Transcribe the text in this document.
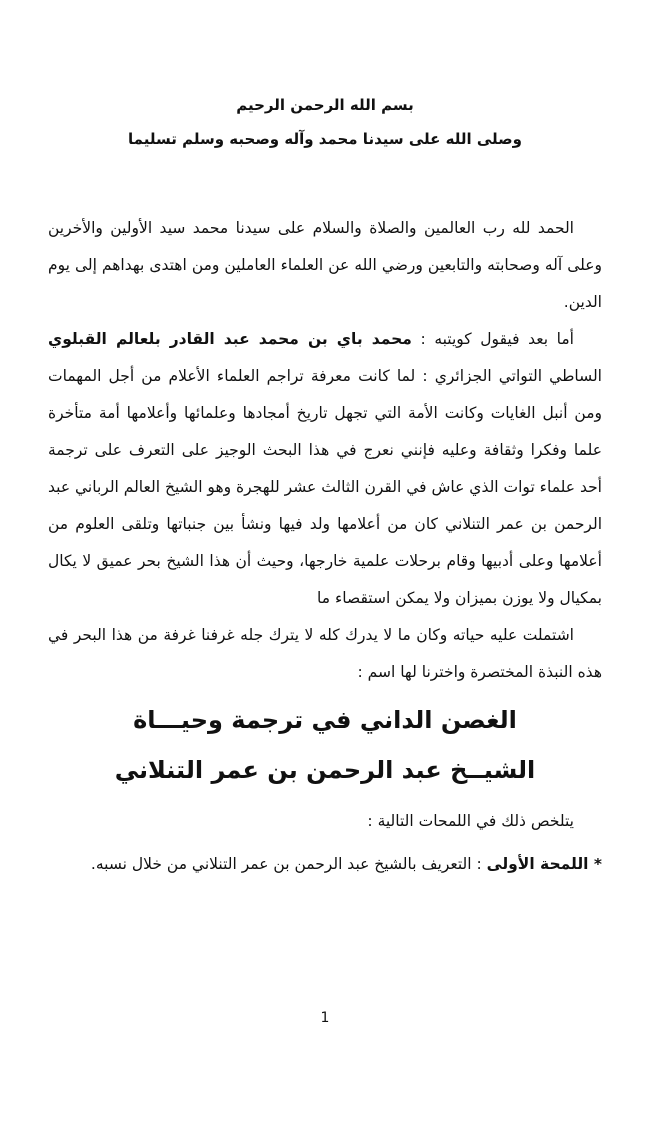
بسم الله الرحمن الرحيم

وصلى الله على سيدنا محمد وآله وصحبه وسلم تسليما

الحمد لله رب العالمين والصلاة والسلام على سيدنا محمد سيد الأولين والأخرين وعلى آله وصحابته والتابعين ورضي الله عن العلماء العاملين ومن اهتدى بهداهم إلى يوم الدين.

أما بعد فيقول كويتبه : محمد باي بن محمد عبد القادر بلعالم القبلوي الساطي التواتي الجزائري : لما كانت معرفة تراجم العلماء الأعلام من أجل المهمات ومن أنبل الغايات وكانت الأمة التي تجهل تاريخ أمجادها وعلمائها وأعلامها أمة متأخرة علما وفكرا وثقافة وعليه فإنني نعرج في هذا البحث الوجيز على التعرف على ترجمة أحد علماء توات الذي عاش في القرن الثالث عشر للهجرة وهو الشيخ العالم الرباني عبد الرحمن بن عمر التنلاني كان من أعلامها ولد فيها ونشأ بين جنباتها وتلقى العلوم من أعلامها وعلى أدبيها وقام برحلات علمية خارجها، وحيث أن هذا الشيخ بحر عميق لا يكال بمكيال ولا يوزن بميزان ولا يمكن استقصاء ما

اشتملت عليه حياته وكان ما لا يدرك كله لا يترك جله غرفنا غرفة من هذا البحر في هذه النبذة المختصرة واخترنا لها اسم :

الغصن الداني في ترجمة وحيـــاة

الشيــخ عبد الرحمن بن عمر التنلاني

يتلخص ذلك في اللمحات التالية :

* اللمحة الأولى : التعريف بالشيخ عبد الرحمن بن عمر التنلاني من خلال نسبه.

1
